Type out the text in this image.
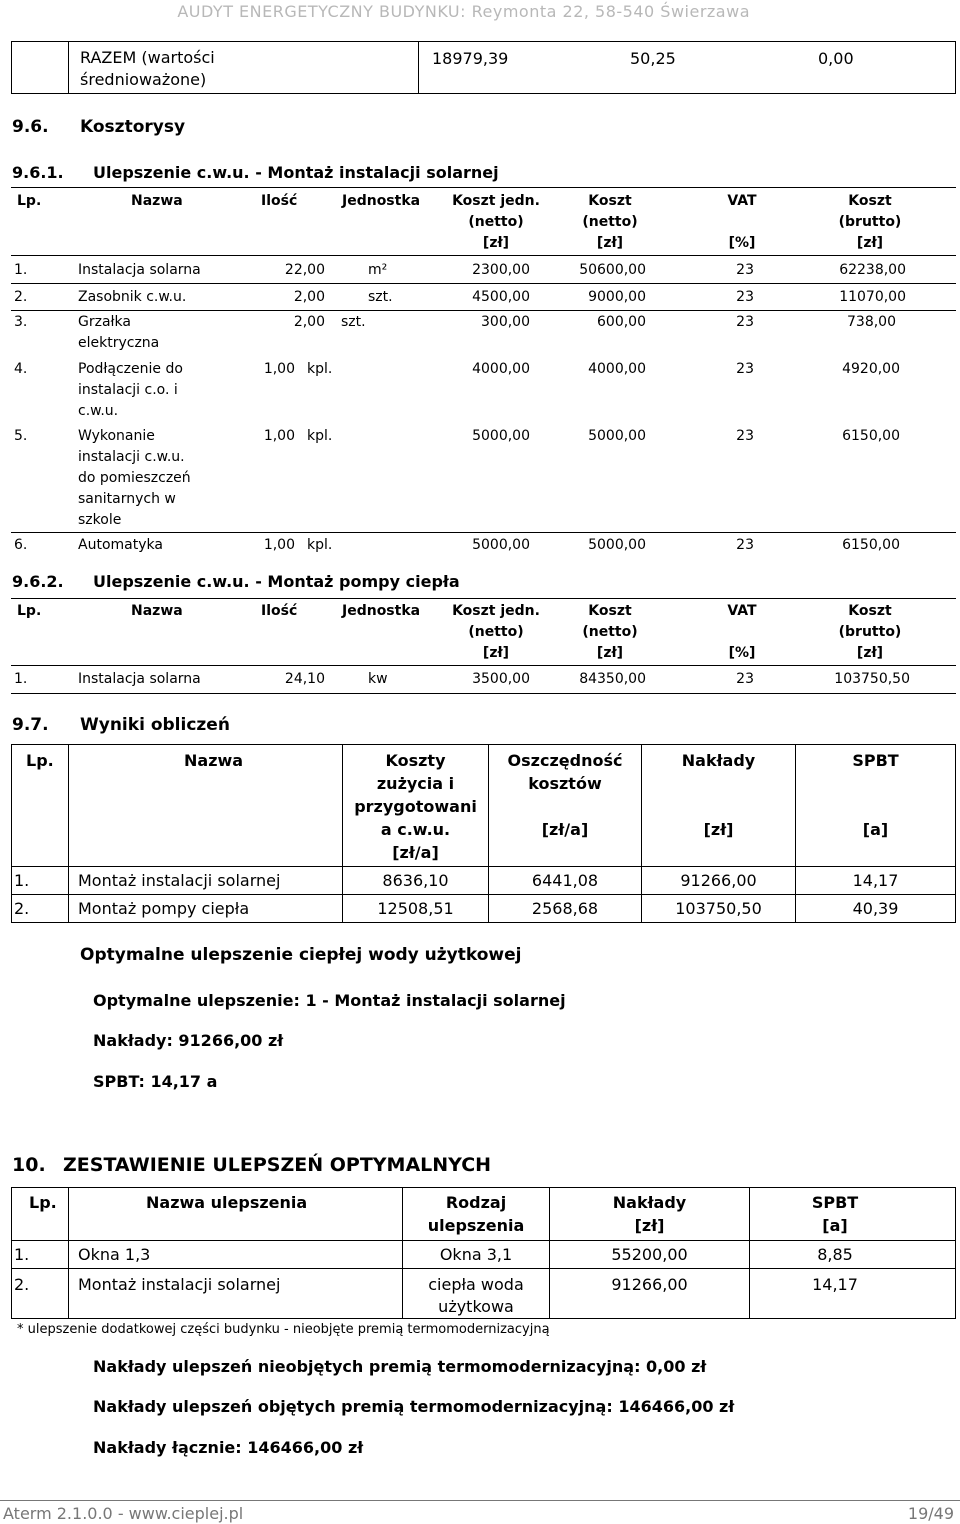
AUDYT ENERGETYCZNY BUDYNKU: Reymonta 22, 58-540 Świerzawa
RAZEM (wartości
średnioważone)
18979,39	50,25	0,00
9.6. Kosztorysy
9.6.1. Ulepszenie c.w.u. - Montaż instalacji solarnej
Lp.	Nazwa	Ilość	Jednostka	Koszt jedn.
(netto)
[zł]
Koszt
(netto)
[zł]
VAT
[%]
Koszt
(brutto)
[zł]
1.	Instalacja solarna	22,00	m²	2300,00	50600,00	23	62238,00
2.	Zasobnik c.w.u.	2,00	szt.	4500,00	9000,00	23	11070,00
3.	Grzałka
elektryczna
2,00 szt.	300,00	600,00	23	738,00
4.	Podłączenie do
instalacji c.o. i
c.w.u.
1,00 kpl.	4000,00	4000,00	23	4920,00
5.	Wykonanie
instalacji c.w.u.
do pomieszczeń
sanitarnych w
szkole
1,00 kpl.	5000,00	5000,00	23	6150,00
6.	Automatyka	1,00 kpl.	5000,00	5000,00	23	6150,00
9.6.2. Ulepszenie c.w.u. - Montaż pompy ciepła
Lp.	Nazwa	Ilość	Jednostka	Koszt jedn.
(netto)
[zł]
Koszt
(netto)
[zł]
VAT
[%]
Koszt
(brutto)
[zł]
1.	Instalacja solarna	24,10	kw	3500,00	84350,00	23	103750,50
9.7. Wyniki obliczeń
Lp.	Nazwa	Koszty
zużycia i
przygotowani
a c.w.u.
[zł/a]
Oszczędność
kosztów
[zł/a]
Nakłady
[zł]
SPBT
[a]
1.	Montaż instalacji solarnej	8636,10	6441,08	91266,00	14,17
2.	Montaż pompy ciepła	12508,51	2568,68	103750,50	40,39
Optymalne ulepszenie ciepłej wody użytkowej
Optymalne ulepszenie: 1 - Montaż instalacji solarnej
Nakłady: 91266,00 zł
SPBT: 14,17 a
10. ZESTAWIENIE ULEPSZEŃ OPTYMALNYCH
Lp.	Nazwa ulepszenia	Rodzaj
ulepszenia
Nakłady
[zł]
SPBT
[a]
1.	Okna 1,3	Okna 3,1	55200,00	8,85
2.	Montaż instalacji solarnej	ciepła woda
użytkowa
91266,00	14,17
* ulepszenie dodatkowej części budynku - nieobjęte premią termomodernizacyjną
Nakłady ulepszeń nieobjętych premią termomodernizacyjną: 0,00 zł
Nakłady ulepszeń objętych premią termomodernizacyjną: 146466,00 zł
Nakłady łącznie: 146466,00 zł
Aterm 2.1.0.0 - www.cieplej.pl	19/49
